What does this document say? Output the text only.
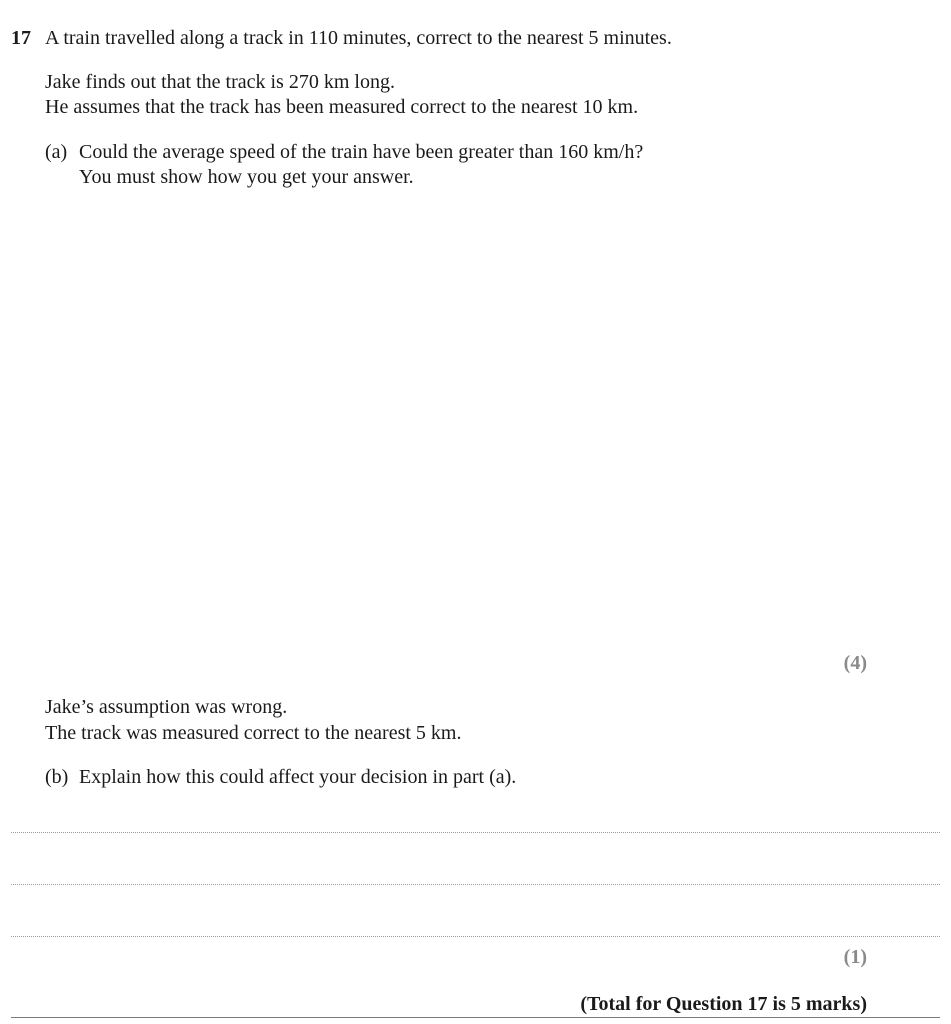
17 A train travelled along a track in 110 minutes, correct to the nearest 5 minutes.
Jake finds out that the track is 270 km long.
He assumes that the track has been measured correct to the nearest 10 km.
(a) Could the average speed of the train have been greater than 160 km/h?
You must show how you get your answer.
(4)
Jake’s assumption was wrong.
The track was measured correct to the nearest 5 km.
(b) Explain how this could affect your decision in part (a).
(1)
(Total for Question 17 is 5 marks)
